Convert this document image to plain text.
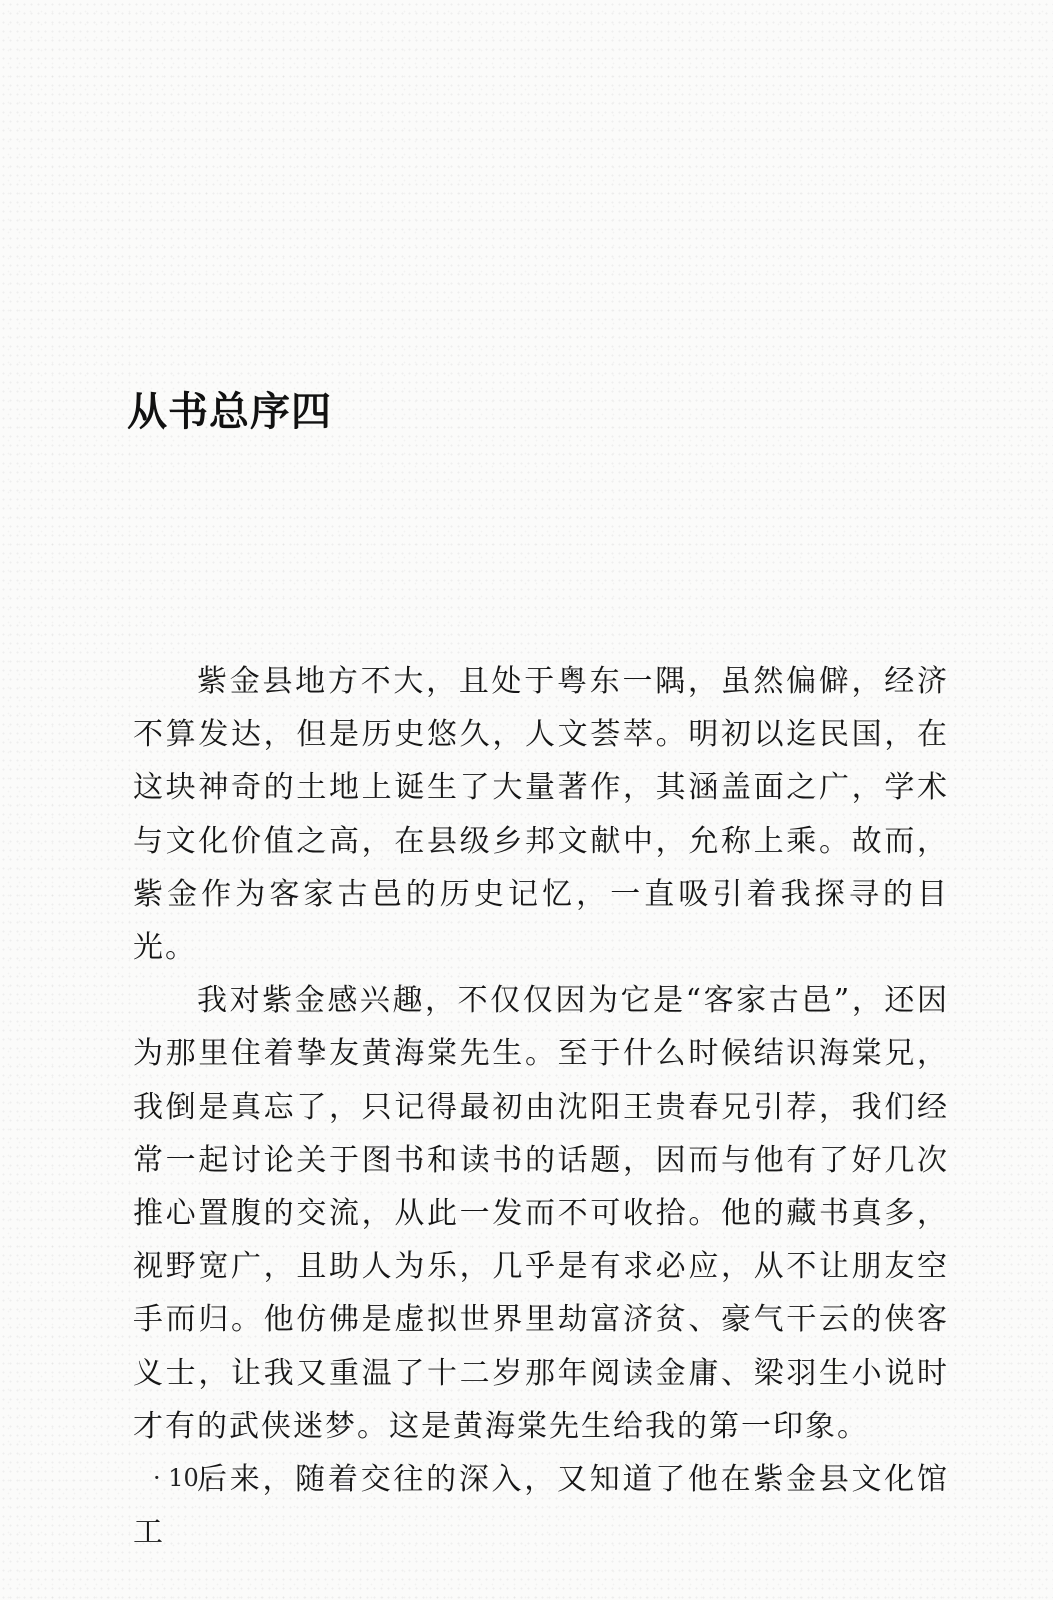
从书总序四

紫金县地方不大，且处于粤东一隅，虽然偏僻，经济不算发达，但是历史悠久，人文荟萃。明初以迄民国，在这块神奇的土地上诞生了大量著作，其涵盖面之广，学术与文化价值之高，在县级乡邦文献中，允称上乘。故而，紫金作为客家古邑的历史记忆，一直吸引着我探寻的目光。

我对紫金感兴趣，不仅仅因为它是“客家古邑”，还因为那里住着挚友黄海棠先生。至于什么时候结识海棠兄，我倒是真忘了，只记得最初由沈阳王贵春兄引荐，我们经常一起讨论关于图书和读书的话题，因而与他有了好几次推心置腹的交流，从此一发而不可收拾。他的藏书真多，视野宽广，且助人为乐，几乎是有求必应，从不让朋友空手而归。他仿佛是虚拟世界里劫富济贫、豪气干云的侠客义士，让我又重温了十二岁那年阅读金庸、梁羽生小说时才有的武侠迷梦。这是黄海棠先生给我的第一印象。

后来，随着交往的深入，又知道了他在紫金县文化馆工

· 10 ·
